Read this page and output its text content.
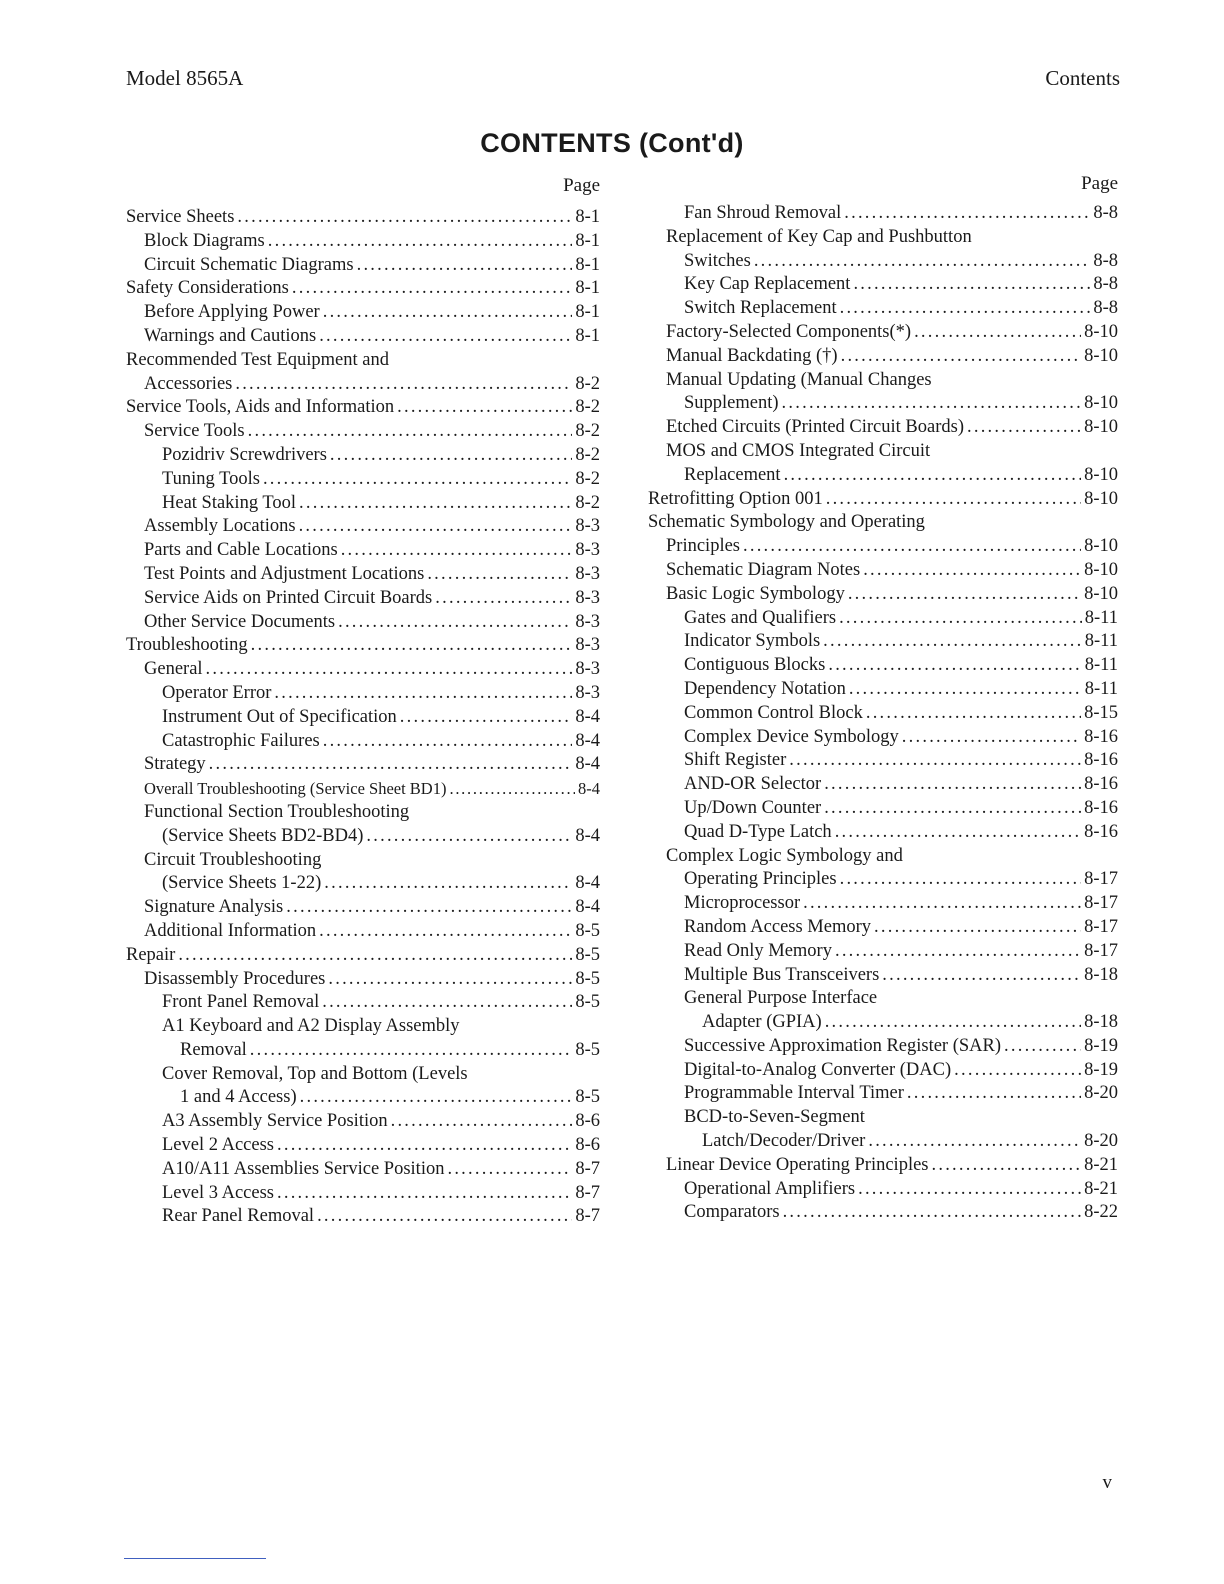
Model 8565A	Contents
CONTENTS (Cont'd)
Page
Service Sheets . . .	8-1
Block Diagrams . . .	8-1
Circuit Schematic Diagrams . . .	8-1
Safety Considerations . . .	8-1
Before Applying Power . . .	8-1
Warnings and Cautions . . .	8-1
Recommended Test Equipment and
Accessories . . .	8-2
Service Tools, Aids and Information . . .	8-2
Service Tools . . .	8-2
Pozidriv Screwdrivers . . .	8-2
Tuning Tools . . .	8-2
Heat Staking Tool . . .	8-2
Assembly Locations . . .	8-3
Parts and Cable Locations . . .	8-3
Test Points and Adjustment Locations . . .	8-3
Service Aids on Printed Circuit Boards . . .	8-3
Other Service Documents . . .	8-3
Troubleshooting . . .	8-3
General . . .	8-3
Operator Error . . .	8-3
Instrument Out of Specification . . .	8-4
Catastrophic Failures . . .	8-4
Strategy . . .	8-4
Overall Troubleshooting (Service Sheet BD1) . . .	8-4
Functional Section Troubleshooting
(Service Sheets BD2-BD4) . . .	8-4
Circuit Troubleshooting
(Service Sheets 1-22) . . .	8-4
Signature Analysis . . .	8-4
Additional Information . . .	8-5
Repair . . .	8-5
Disassembly Procedures . . .	8-5
Front Panel Removal . . .	8-5
A1 Keyboard and A2 Display Assembly
Removal . . .	8-5
Cover Removal, Top and Bottom (Levels
1 and 4 Access) . . .	8-5
A3 Assembly Service Position . . .	8-6
Level 2 Access . . .	8-6
A10/A11 Assemblies Service Position . . .	8-7
Level 3 Access . . .	8-7
Rear Panel Removal . . .	8-7
Page
Fan Shroud Removal . . .	8-8
Replacement of Key Cap and Pushbutton
Switches . . .	8-8
Key Cap Replacement . . .	8-8
Switch Replacement . . .	8-8
Factory-Selected Components(*) . . .	8-10
Manual Backdating (†) . . .	8-10
Manual Updating (Manual Changes
Supplement) . . .	8-10
Etched Circuits (Printed Circuit Boards) . . .	8-10
MOS and CMOS Integrated Circuit
Replacement . . .	8-10
Retrofitting Option 001 . . .	8-10
Schematic Symbology and Operating
Principles . . .	8-10
Schematic Diagram Notes . . .	8-10
Basic Logic Symbology . . .	8-10
Gates and Qualifiers . . .	8-11
Indicator Symbols . . .	8-11
Contiguous Blocks . . .	8-11
Dependency Notation . . .	8-11
Common Control Block . . .	8-15
Complex Device Symbology . . .	8-16
Shift Register . . .	8-16
AND-OR Selector . . .	8-16
Up/Down Counter . . .	8-16
Quad D-Type Latch . . .	8-16
Complex Logic Symbology and
Operating Principles . . .	8-17
Microprocessor . . .	8-17
Random Access Memory . . .	8-17
Read Only Memory . . .	8-17
Multiple Bus Transceivers . . .	8-18
General Purpose Interface
Adapter (GPIA) . . .	8-18
Successive Approximation Register (SAR) . . .	8-19
Digital-to-Analog Converter (DAC) . . .	8-19
Programmable Interval Timer . . .	8-20
BCD-to-Seven-Segment
Latch/Decoder/Driver . . .	8-20
Linear Device Operating Principles . . .	8-21
Operational Amplifiers . . .	8-21
Comparators . . .	8-22
v
